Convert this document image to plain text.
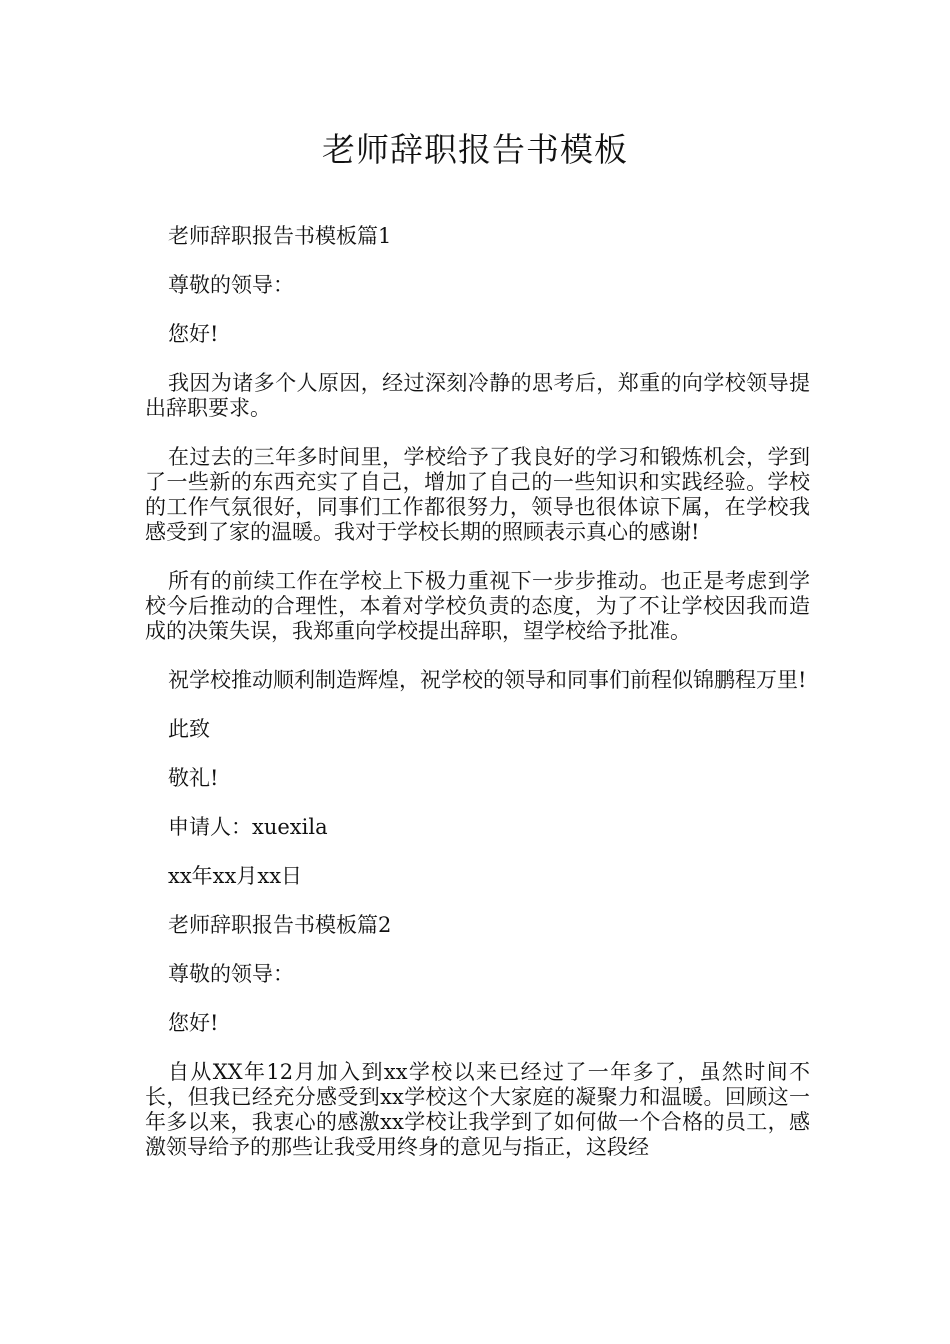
老师辞职报告书模板

老师辞职报告书模板篇1

尊敬的领导：

您好!

我因为诸多个人原因，经过深刻冷静的思考后，郑重的向学校领导提出辞职要求。

在过去的三年多时间里，学校给予了我良好的学习和锻炼机会，学到了一些新的东西充实了自己，增加了自己的一些知识和实践经验。学校的工作气氛很好，同事们工作都很努力，领导也很体谅下属，在学校我感受到了家的温暖。我对于学校长期的照顾表示真心的感谢!

所有的前续工作在学校上下极力重视下一步步推动。也正是考虑到学校今后推动的合理性，本着对学校负责的态度，为了不让学校因我而造成的决策失误，我郑重向学校提出辞职，望学校给予批准。

祝学校推动顺利制造辉煌，祝学校的领导和同事们前程似锦鹏程万里!

此致

敬礼!

申请人：xuexila

xx年xx月xx日

老师辞职报告书模板篇2

尊敬的领导：

您好!

自从XX年12月加入到xx学校以来已经过了一年多了，虽然时间不长，但我已经充分感受到xx学校这个大家庭的凝聚力和温暖。回顾这一年多以来，我衷心的感激xx学校让我学到了如何做一个合格的员工，感激领导给予的那些让我受用终身的意见与指正，这段经
